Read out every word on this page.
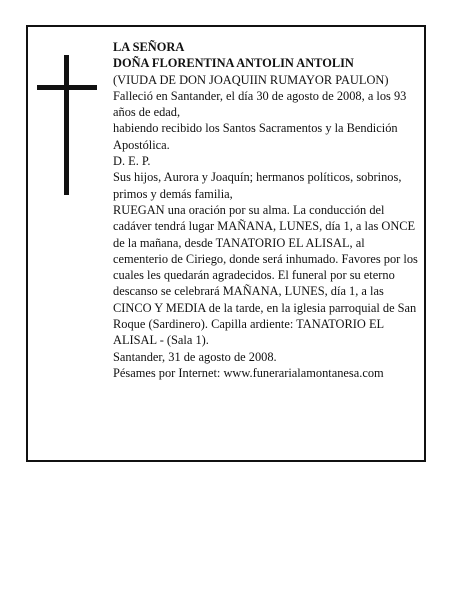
LA SEÑORA

DOÑA FLORENTINA ANTOLIN ANTOLIN

(VIUDA DE DON JOAQUIIN RUMAYOR PAULON)

Falleció en Santander, el día 30 de agosto de 2008, a los 93 años de edad,

habiendo recibido los Santos Sacramentos y la Bendición Apostólica.

D. E. P.

Sus hijos, Aurora y Joaquín; hermanos políticos, sobrinos, primos y demás familia,

RUEGAN una oración por su alma. La conducción del cadáver tendrá lugar MAÑANA, LUNES, día 1, a las ONCE de la mañana, desde TANATORIO EL ALISAL, al cementerio de Ciriego, donde será inhumado. Favores por los cuales les quedarán agradecidos. El funeral por su eterno descanso se celebrará MAÑANA, LUNES, día 1, a las CINCO Y MEDIA de la tarde, en la iglesia parroquial de San Roque (Sardinero). Capilla ardiente: TANATORIO EL ALISAL - (Sala 1).

Santander, 31 de agosto de 2008.

Pésames por Internet: www.funerarialamontanesa.com
